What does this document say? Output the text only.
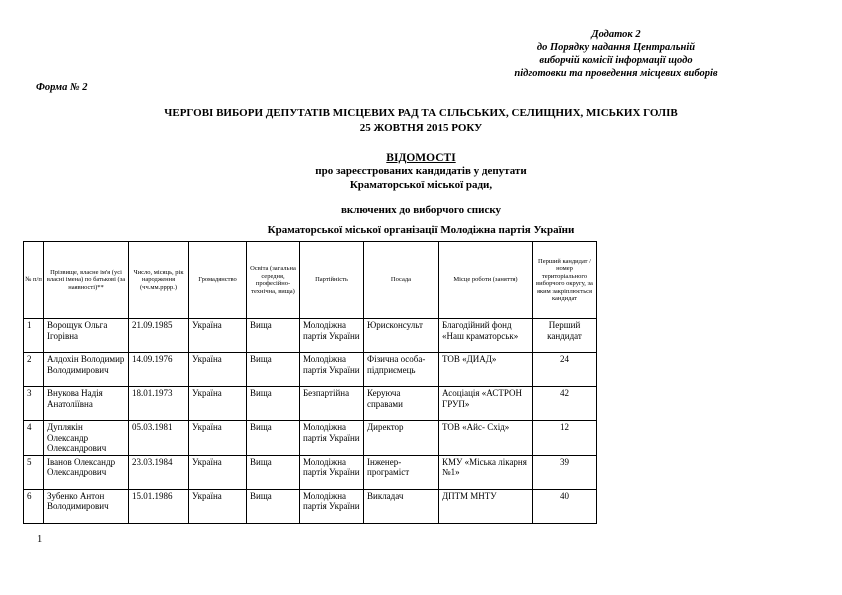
Додаток 2
до Порядку надання Центральній
виборчій комісії інформації щодо
підготовки та проведення місцевих виборів
Форма № 2
ЧЕРГОВІ ВИБОРИ ДЕПУТАТІВ МІСЦЕВИХ РАД ТА СІЛЬСЬКИХ, СЕЛИЩНИХ, МІСЬКИХ ГОЛІВ
25 ЖОВТНЯ 2015 РОКУ
ВІДОМОСТІ
про зареєстрованих кандидатів у депутати
Краматорської міської ради,
включених до виборчого списку
Краматорської міської організації Молодіжна партія України
№ п/п	Прізвище, власне ім'я (усі власні імена) по батькові (за наявності)**	Число, місяць, рік народження (чч.мм.рррр.)	Громадянство	Освіта (загальна середня, професійно-технічна, вища)	Партійність	Посада	Місце роботи (заняття)	Перший кандидат / номер територіального виборчого округу, за яким закріплюється кандидат
1	Ворощук Ольга Ігорівна	21.09.1985	Україна	Вища	Молодіжна партія України	Юрисконсульт	Благодійний фонд «Наш краматорськ»	Перший кандидат
2	Алдохін Володимир Володимирович	14.09.1976	Україна	Вища	Молодіжна партія України	Фізична особа-підприємець	ТОВ «ДИАД»	24
3	Внукова Надія Анатоліївна	18.01.1973	Україна	Вища	Безпартійна	Керуюча справами	Асоціація «АСТРОН ГРУП»	42
4	Дуплякін Олександр Олександрович	05.03.1981	Україна	Вища	Молодіжна партія України	Директор	ТОВ «Айс- Схід»	12
5	Іванов Олександр Олександрович	23.03.1984	Україна	Вища	Молодіжна партія України	Інженер-програміст	КМУ «Міська лікарня №1»	39
6	Зубенко Антон Володимирович	15.01.1986	Україна	Вища	Молодіжна партія України	Викладач	ДПТМ МНТУ	40
1
